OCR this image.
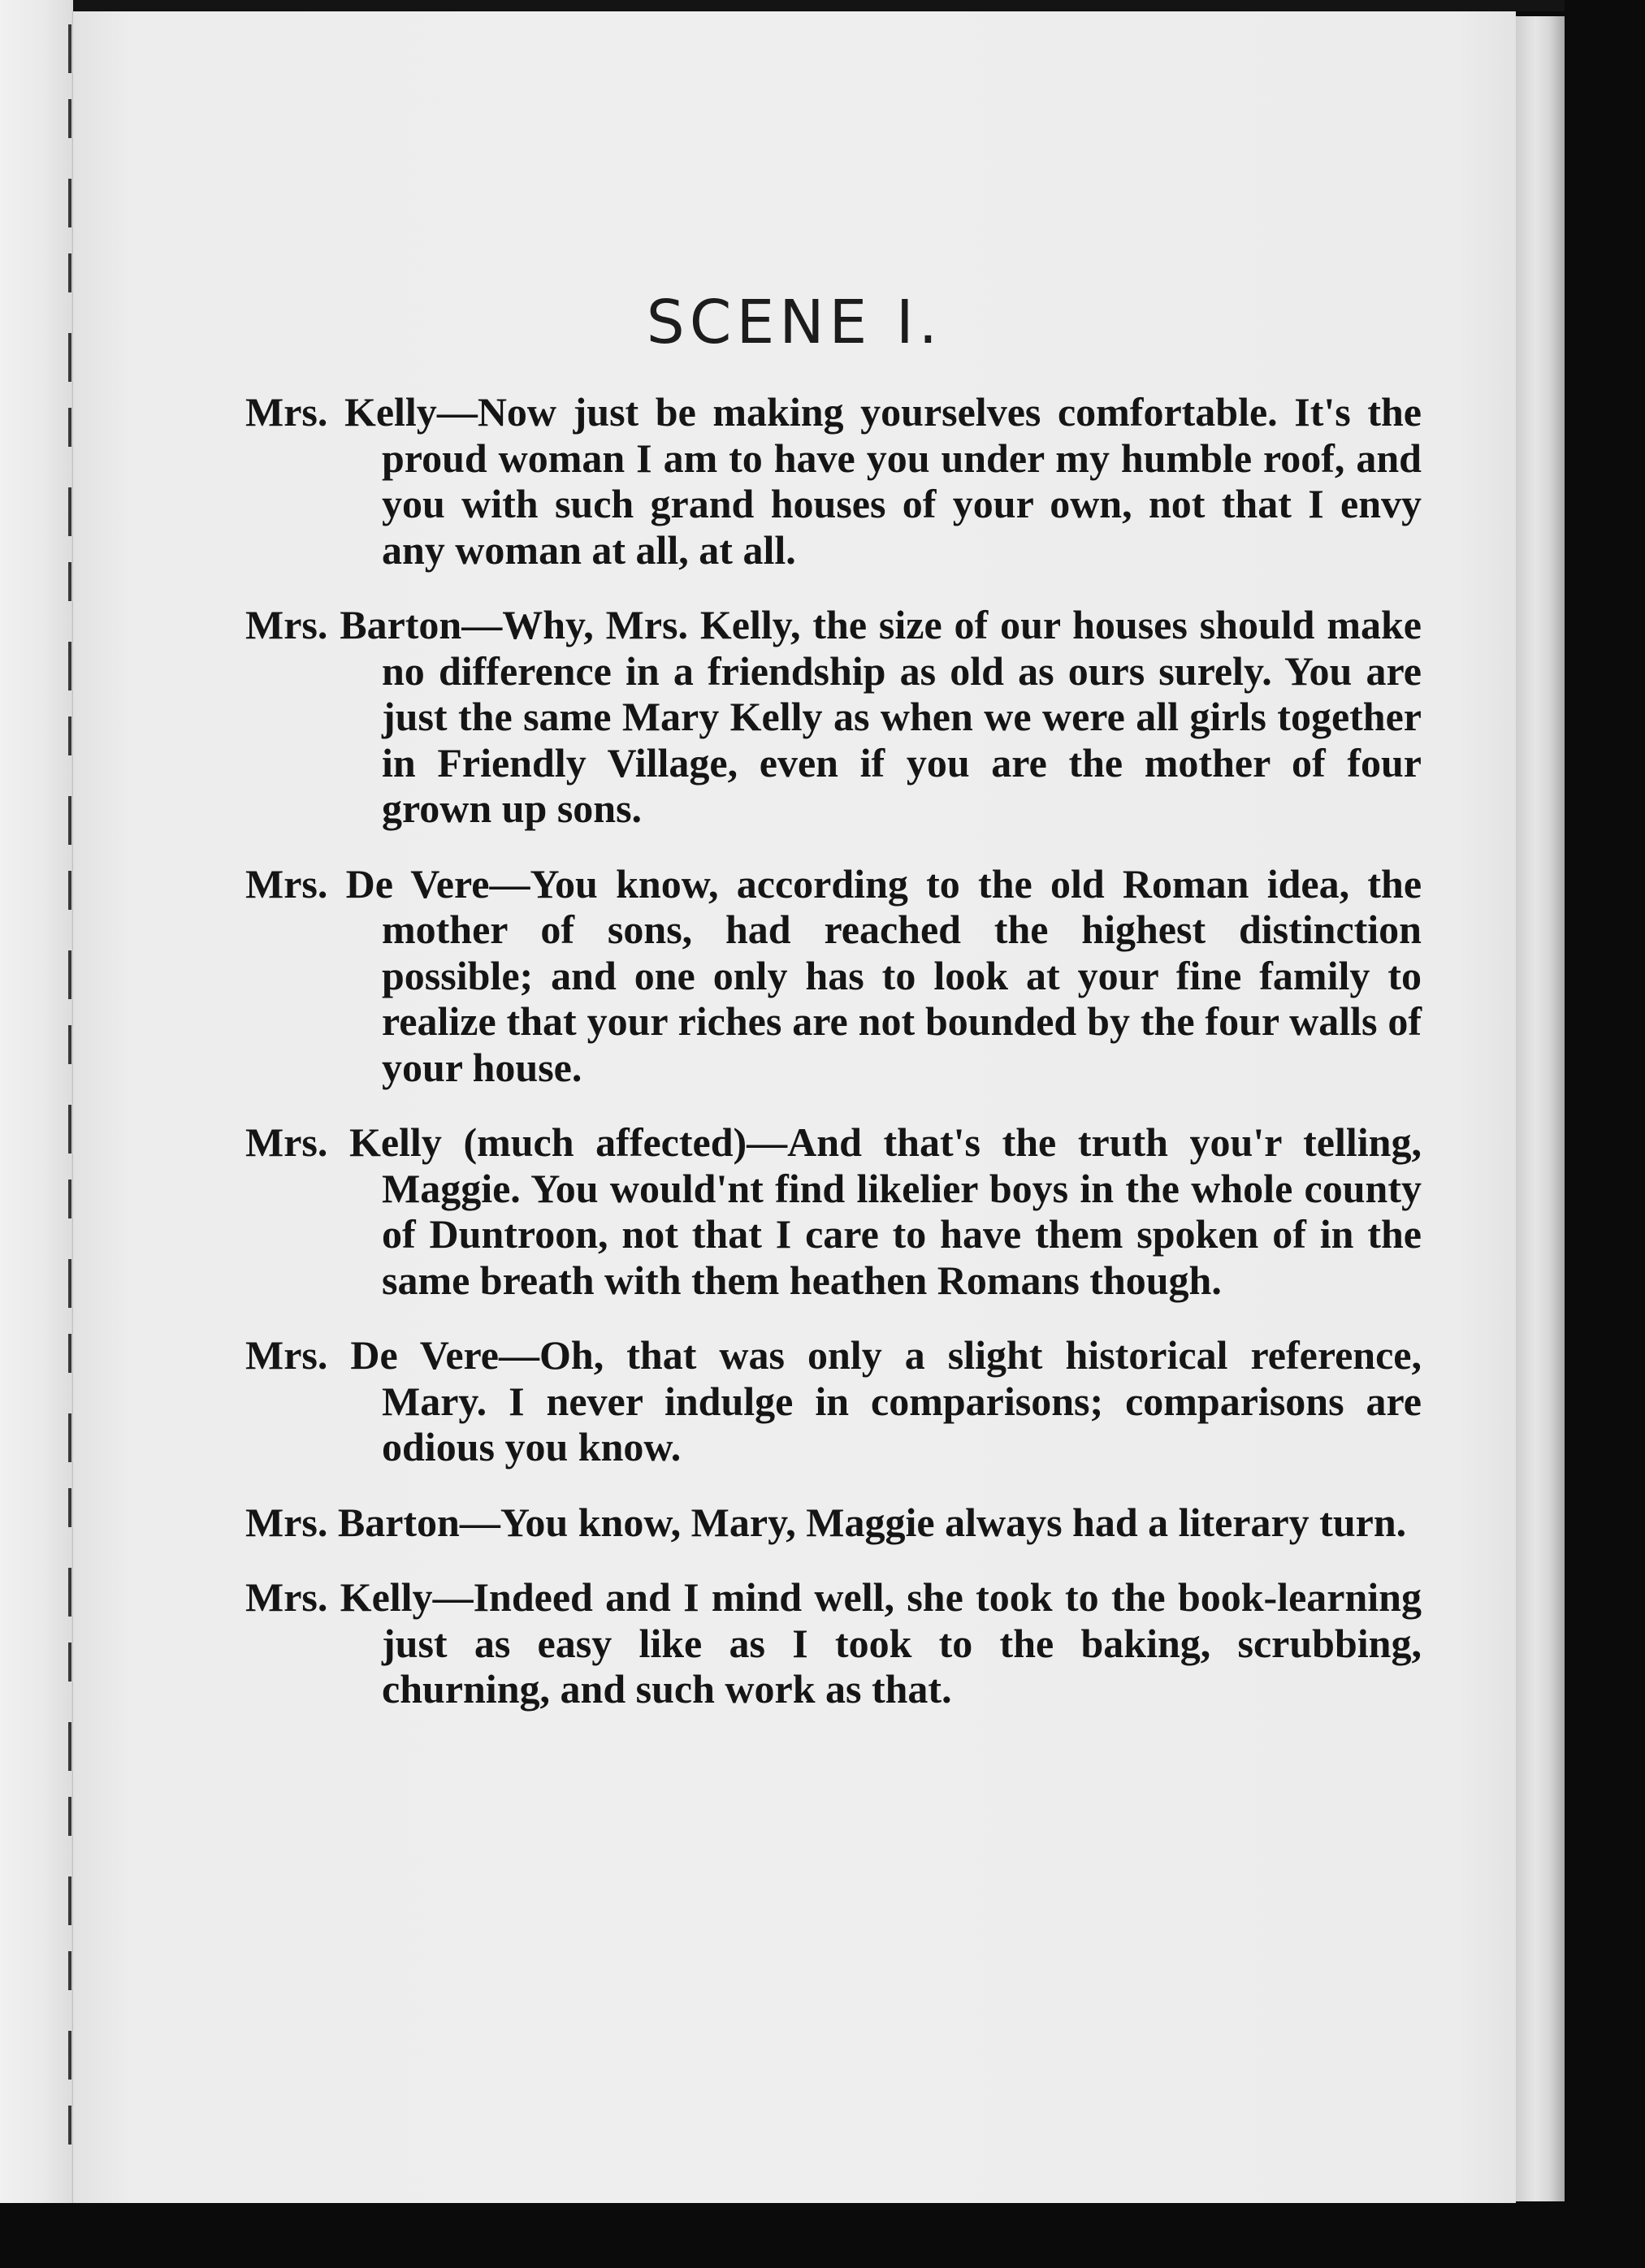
SCENE I.

Mrs. Kelly—Now just be making yourselves comfortable. It's the proud woman I am to have you under my humble roof, and you with such grand houses of your own, not that I envy any woman at all, at all.

Mrs. Barton—Why, Mrs. Kelly, the size of our houses should make no difference in a friendship as old as ours surely. You are just the same Mary Kelly as when we were all girls together in Friendly Village, even if you are the mother of four grown up sons.

Mrs. De Vere—You know, according to the old Roman idea, the mother of sons, had reached the highest distinction possible; and one only has to look at your fine family to realize that your riches are not bounded by the four walls of your house.

Mrs. Kelly (much affected)—And that's the truth you'r telling, Maggie. You would'nt find likelier boys in the whole county of Duntroon, not that I care to have them spoken of in the same breath with them heathen Romans though.

Mrs. De Vere—Oh, that was only a slight historical reference, Mary. I never indulge in comparisons; comparisons are odious you know.

Mrs. Barton—You know, Mary, Maggie always had a literary turn.

Mrs. Kelly—Indeed and I mind well, she took to the book-learning just as easy like as I took to the baking, scrubbing, churning, and such work as that.
